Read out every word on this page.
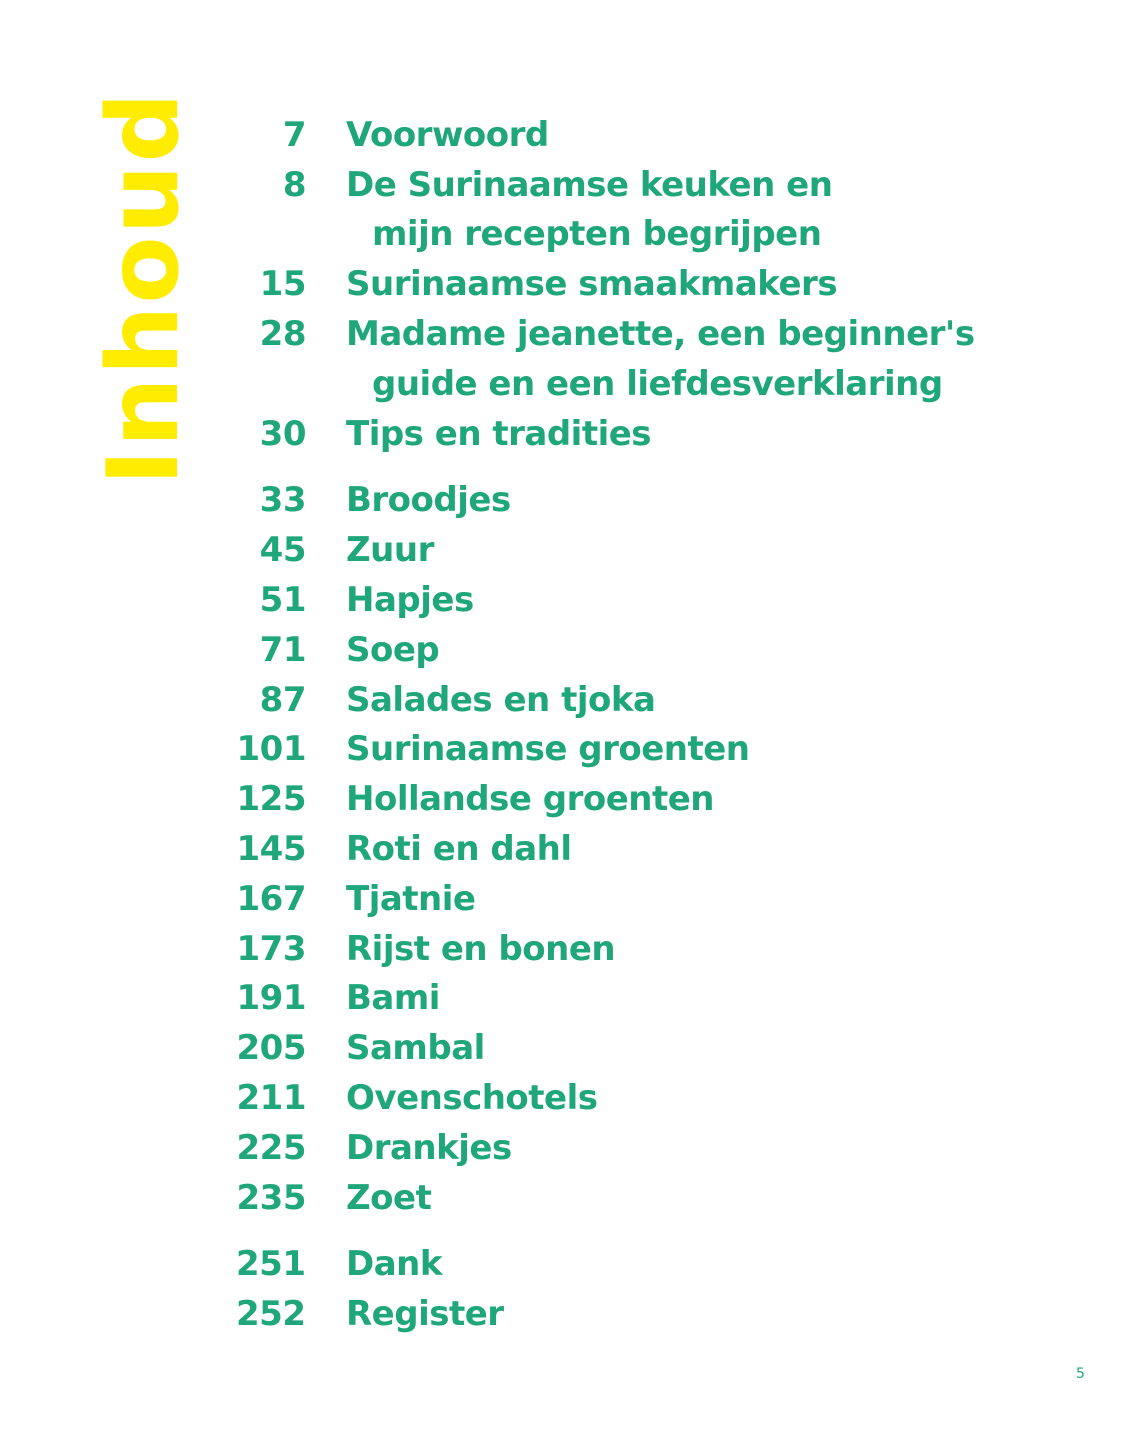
Inhoud	7 Voorwoord
8 De Surinaamse keuken en
mijn recepten begrijpen
15 Surinaamse smaakmakers
28 Madame jeanette, een beginner's
guide en een liefdesverklaring
30 Tips en tradities
33 Broodjes
45 Zuur
51 Hapjes
71 Soep
87 Salades en tjoka
101 Surinaamse groenten
125 Hollandse groenten
145 Roti en dahl
167 Tjatnie
173 Rijst en bonen
191 Bami
205 Sambal
211 Ovenschotels
225 Drankjes
235 Zoet
251 Dank
252 Register
5
